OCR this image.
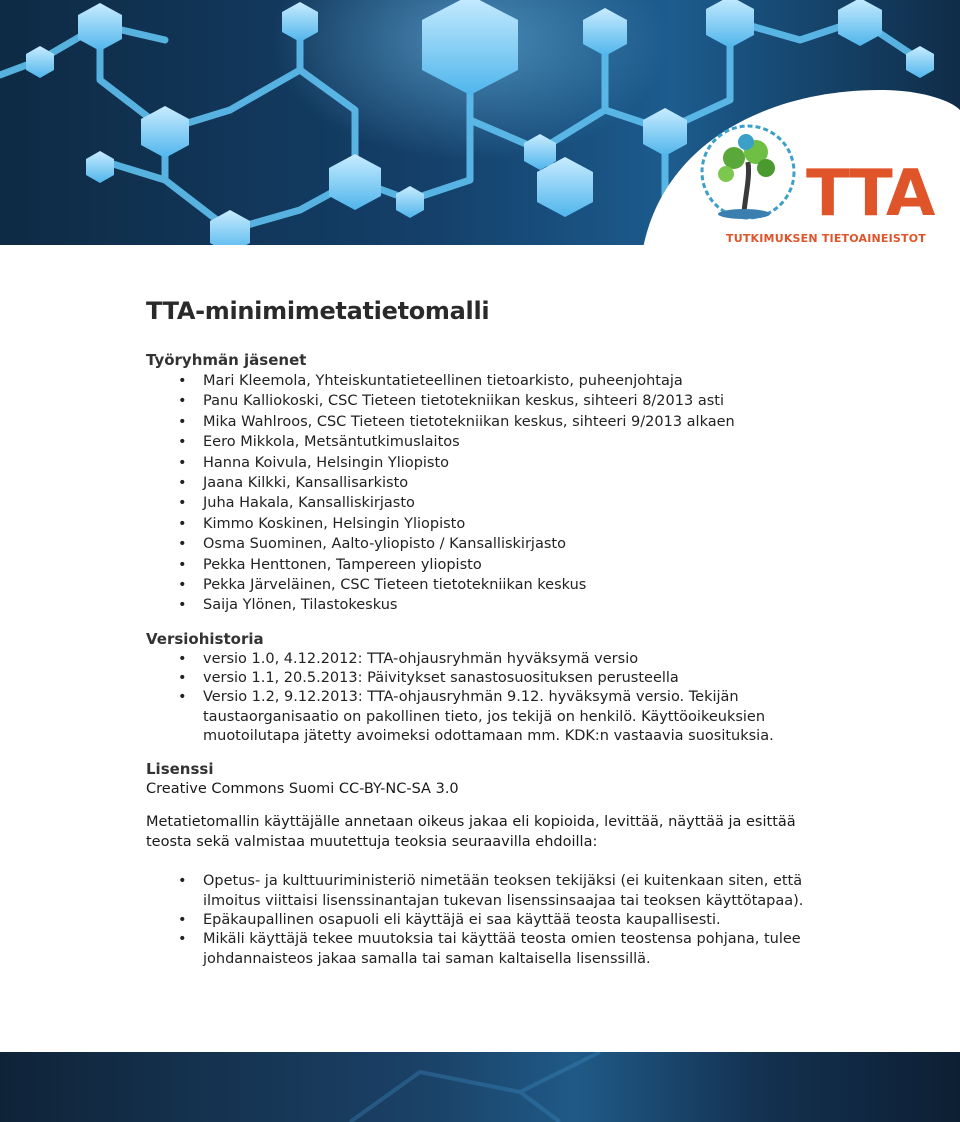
TTA
TUTKIMUKSEN TIETOAINEISTOT
TTA-minimimetatietomalli
Työryhmän jäsenet
• Mari Kleemola, Yhteiskuntatieteellinen tietoarkisto, puheenjohtaja
• Panu Kalliokoski, CSC Tieteen tietotekniikan keskus, sihteeri 8/2013 asti
• Mika Wahlroos, CSC Tieteen tietotekniikan keskus, sihteeri 9/2013 alkaen
• Eero Mikkola, Metsäntutkimuslaitos
• Hanna Koivula, Helsingin Yliopisto
• Jaana Kilkki, Kansallisarkisto
• Juha Hakala, Kansalliskirjasto
• Kimmo Koskinen, Helsingin Yliopisto
• Osma Suominen, Aalto-yliopisto / Kansalliskirjasto
• Pekka Henttonen, Tampereen yliopisto
• Pekka Järveläinen, CSC Tieteen tietotekniikan keskus
• Saija Ylönen, Tilastokeskus
Versiohistoria
• versio 1.0, 4.12.2012: TTA-ohjausryhmän hyväksymä versio
• versio 1.1, 20.5.2013: Päivitykset sanastosuosituksen perusteella
• Versio 1.2, 9.12.2013: TTA-ohjausryhmän 9.12. hyväksymä versio. Tekijän taustaorganisaatio on pakollinen tieto, jos tekijä on henkilö. Käyttöoikeuksien muotoilutapa jätetty avoimeksi odottamaan mm. KDK:n vastaavia suosituksia.
Lisenssi

Creative Commons Suomi CC-BY-NC-SA 3.0

Metatietomallin käyttäjälle annetaan oikeus jakaa eli kopioida, levittää, näyttää ja esittää teosta sekä valmistaa muutettuja teoksia seuraavilla ehdoilla:

• Opetus- ja kulttuuriministeriö nimetään teoksen tekijäksi (ei kuitenkaan siten, että ilmoitus viittaisi lisenssinantajan tukevan lisenssinsaajaa tai teoksen käyttötapaa).
• Epäkaupallinen osapuoli eli käyttäjä ei saa käyttää teosta kaupallisesti.
• Mikäli käyttäjä tekee muutoksia tai käyttää teosta omien teostensa pohjana, tulee johdannaisteos jakaa samalla tai saman kaltaisella lisenssillä.
